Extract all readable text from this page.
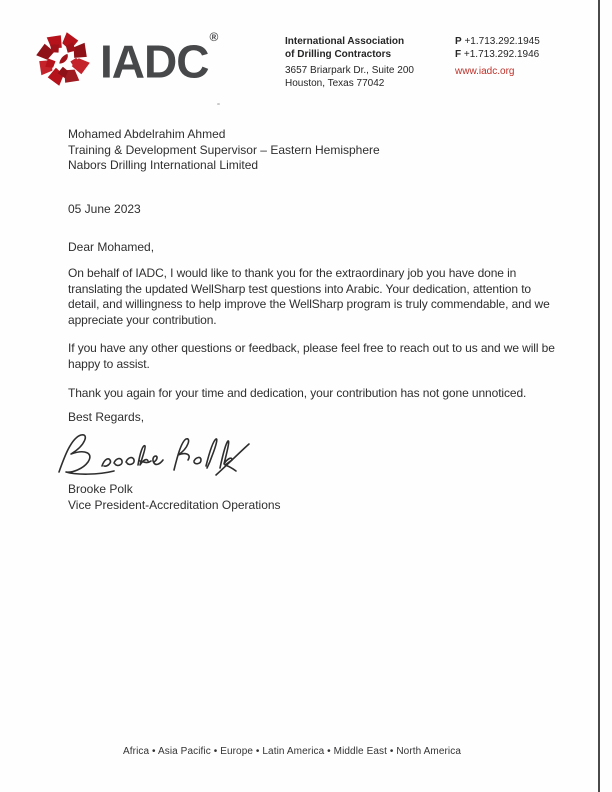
IADC®	International Association
of Drilling Contractors
3657 Briarpark Dr., Suite 200
Houston, Texas 77042
P +1.713.292.1945
F +1.713.292.1946
www.iadc.org
Mohamed Abdelrahim Ahmed
Training & Development Supervisor – Eastern Hemisphere
Nabors Drilling International Limited
05 June 2023
Dear Mohamed,

On behalf of IADC, I would like to thank you for the extraordinary job you have done in translating the updated WellSharp test questions into Arabic. Your dedication, attention to detail, and willingness to help improve the WellSharp program is truly commendable, and we appreciate your contribution.

If you have any other questions or feedback, please feel free to reach out to us and we will be happy to assist.

Thank you again for your time and dedication, your contribution has not gone unnoticed.

Best Regards,
Brooke Polk
Vice President-Accreditation Operations
Africa • Asia Pacific • Europe • Latin America • Middle East • North America
